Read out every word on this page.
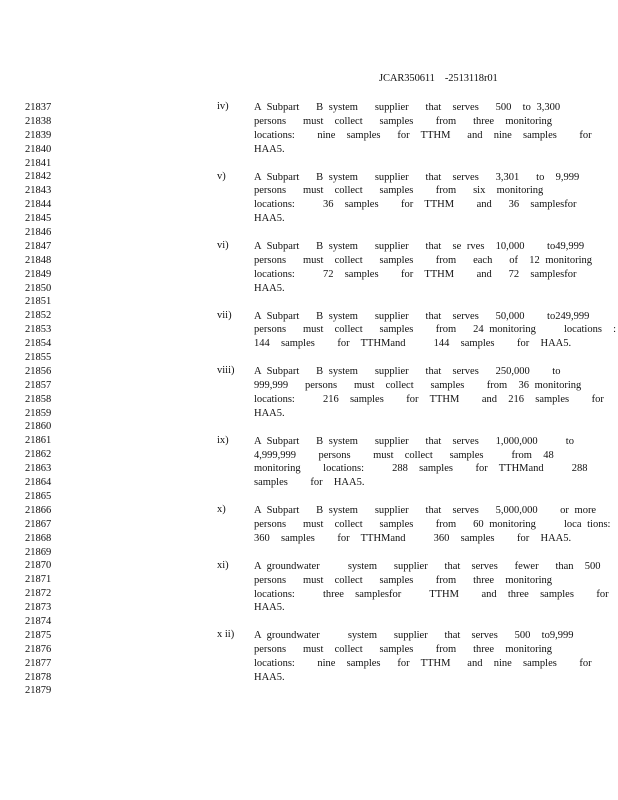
JCAR350611    -2513118r01
21837
21838
21839
21840
21841
21842
21843
21844
21845
21846
21847
21848
21849
21850
21851
21852
21853
21854
21855
21856
21857
21858
21859
21860
21861
21862
21863
21864
21865
21866
21867
21868
21869
21870
21871
21872
21873
21874
21875
21876
21877
21878
21879
iv) A Subpart   B system   supplier   that  serves   500  to 3,300
persons   must  collect   samples    from   three  monitoring
locations:    nine  samples   for  TTHM   and  nine  samples    for
HAA5.
v)	A Subpart   B system   supplier   that  serves   3,301   to  9,999
persons   must  collect   samples    from   six  monitoring
locations:     36  samples    for  TTHM    and   36  samplesfor
HAA5.
vi) A Subpart   B system   supplier   that  se rves  10,000    to49,999
persons   must  collect   samples    from   each   of  12 monitoring
locations:     72  samples    for  TTHM    and   72  samplesfor
HAA5.
vii) A Subpart   B system   supplier   that  serves   50,000    to249,999
persons   must  collect   samples    from   24 monitoring     locations  :
144  samples    for  TTHMand     144  samples    for  HAA5.
viii) A Subpart   B system   supplier   that  serves   250,000    to
999,999   persons   must  collect   samples    from  36 monitoring
locations:     216  samples    for  TTHM    and  216  samples    for
HAA5.
ix) A Subpart   B system   supplier   that  serves   1,000,000     to
4,999,999    persons    must  collect   samples     from  48
monitoring    locations:     288  samples    for  TTHMand     288
samples    for  HAA5.
x)	A Subpart   B system   supplier   that  serves   5,000,000    or more
persons   must  collect   samples    from   60 monitoring     loca tions:
360  samples    for  TTHMand     360  samples    for  HAA5.
xi) A groundwater     system   supplier   that  serves   fewer   than  500
persons   must  collect   samples    from   three  monitoring
locations:     three  samplesfor     TTHM    and  three  samples    for
HAA5.
x ii) A groundwater     system   supplier   that  serves   500  to9,999
persons   must  collect   samples    from   three  monitoring
locations:    nine  samples   for  TTHM   and  nine  samples    for
HAA5.
